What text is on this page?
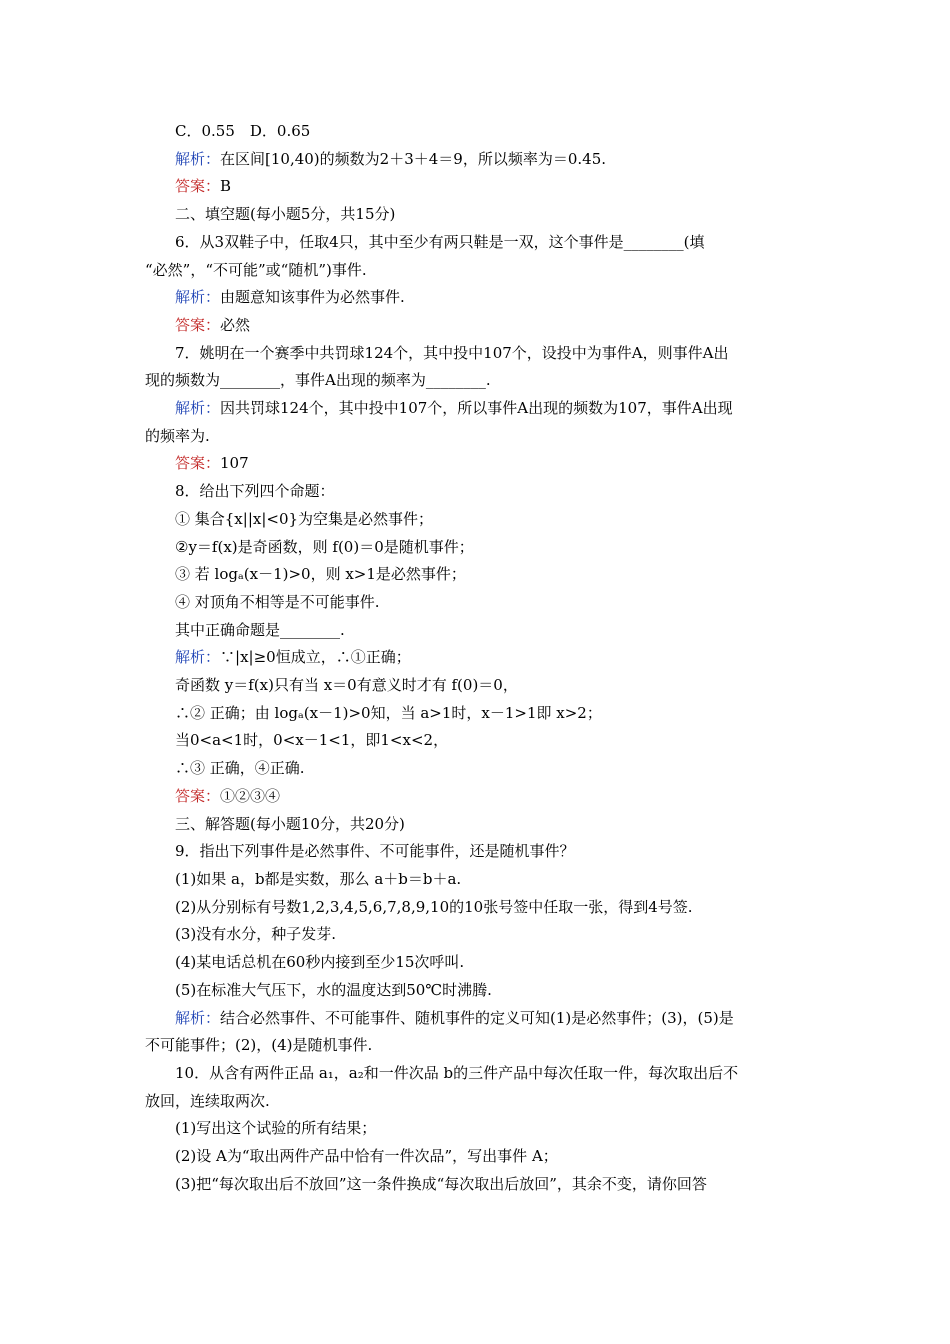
C．0.55　D．0.65
解析：在区间[10,40)的频数为2＋3＋4＝9，所以频率为＝0.45.
答案：B
二、填空题(每小题5分，共15分)
6．从3双鞋子中，任取4只，其中至少有两只鞋是一双，这个事件是________(填
“必然”，“不可能”或“随机”)事件.
解析：由题意知该事件为必然事件.
答案：必然
7．姚明在一个赛季中共罚球124个，其中投中107个，设投中为事件A，则事件A出
现的频数为________，事件A出现的频率为________.
解析：因共罚球124个，其中投中107个，所以事件A出现的频数为107，事件A出现
的频率为.
答案：107
8．给出下列四个命题：
① 集合{x||x|<0}为空集是必然事件；
②y＝f(x)是奇函数，则 f(0)＝0是随机事件；
③ 若 logₐ(x－1)>0，则 x>1是必然事件；
④ 对顶角不相等是不可能事件.
其中正确命题是________.
解析：∵|x|≥0恒成立，∴①正确；
奇函数 y＝f(x)只有当 x＝0有意义时才有 f(0)＝0，
∴② 正确；由 logₐ(x－1)>0知，当 a>1时，x－1>1即 x>2；
当0<a<1时，0<x－1<1，即1<x<2，
∴③ 正确，④正确.
答案：①②③④
三、解答题(每小题10分，共20分)
9．指出下列事件是必然事件、不可能事件，还是随机事件？
(1)如果 a，b都是实数，那么 a＋b＝b＋a.
(2)从分别标有号数1,2,3,4,5,6,7,8,9,10的10张号签中任取一张，得到4号签.
(3)没有水分，种子发芽.
(4)某电话总机在60秒内接到至少15次呼叫.
(5)在标准大气压下，水的温度达到50℃时沸腾.
解析：结合必然事件、不可能事件、随机事件的定义可知(1)是必然事件；(3)，(5)是
不可能事件；(2)，(4)是随机事件.
10．从含有两件正品 a₁，a₂和一件次品 b的三件产品中每次任取一件，每次取出后不
放回，连续取两次.
(1)写出这个试验的所有结果；
(2)设 A为“取出两件产品中恰有一件次品”，写出事件 A；
(3)把“每次取出后不放回”这一条件换成“每次取出后放回”，其余不变，请你回答
